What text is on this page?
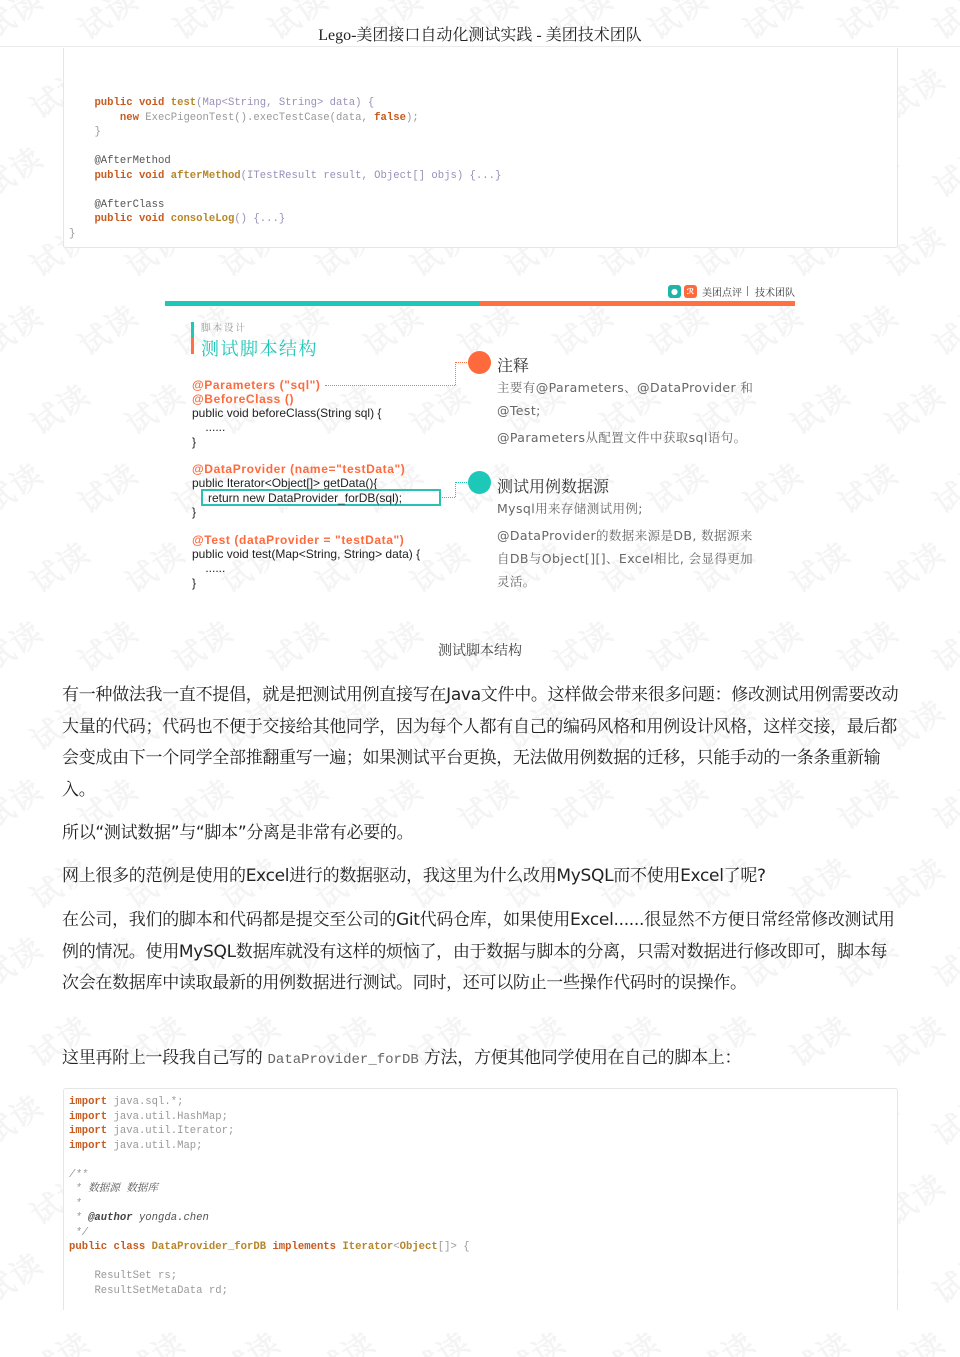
Lego-美团接口自动化测试实践 - 美团技术团队
public void test(Map<String, String> data) {
new ExecPigeonTest().execTestCase(data, false);
}
@AfterMethod
public void afterMethod(ITestResult result, Object[] objs) {...}
@AfterClass
public void consoleLog() {...}
}
●	ℛ 美团点评 技术团队
脚本设计
测试脚本结构
@Parameters ("sql")
@BeforeClass ()
public void beforeClass(String sql) {
......
}
@DataProvider (name="testData")
public Iterator<Object[]> getData(){
return new DataProvider_forDB(sql);
}
@Test (dataProvider = "testData")
public void test(Map<String, String> data) {
......
}
注释
主要有@Parameters、@DataProvider 和
@Test;
@Parameters从配置文件中获取sql语句。
测试用例数据源
Mysql用来存储测试用例;
@DataProvider的数据来源是DB, 数据源来
自DB与Object[][]、Excel相比, 会显得更加
灵活。
测试脚本结构
有一种做法我一直不提倡，就是把测试用例直接写在Java文件中。这样做会带来很多问题：修改测试用例需要改动大量的代码；代码也不便于交接给其他同学，因为每个人都有自己的编码风格和用例设计风格，这样交接，最后都会变成由下一个同学全部推翻重写一遍；如果测试平台更换，无法做用例数据的迁移，只能手动的一条条重新输入。
所以“测试数据”与“脚本”分离是非常有必要的。
网上很多的范例是使用的Excel进行的数据驱动，我这里为什么改用MySQL而不使用Excel了呢?
在公司，我们的脚本和代码都是提交至公司的Git代码仓库，如果使用Excel......很显然不方便日常经常修改测试用例的情况。使用MySQL数据库就没有这样的烦恼了，由于数据与脚本的分离，只需对数据进行修改即可，脚本每次会在数据库中读取最新的用例数据进行测试。同时，还可以防止一些操作代码时的误操作。
这里再附上一段我自己写的 DataProvider_forDB 方法，方便其他同学使用在自己的脚本上：
import java.sql.*;
import java.util.HashMap;
import java.util.Iterator;
import java.util.Map;
/**
* 数据源 数据库
*
* @author yongda.chen
*/
public class DataProvider_forDB implements Iterator<Object[]> {
ResultSet rs;
ResultSetMetaData rd;
